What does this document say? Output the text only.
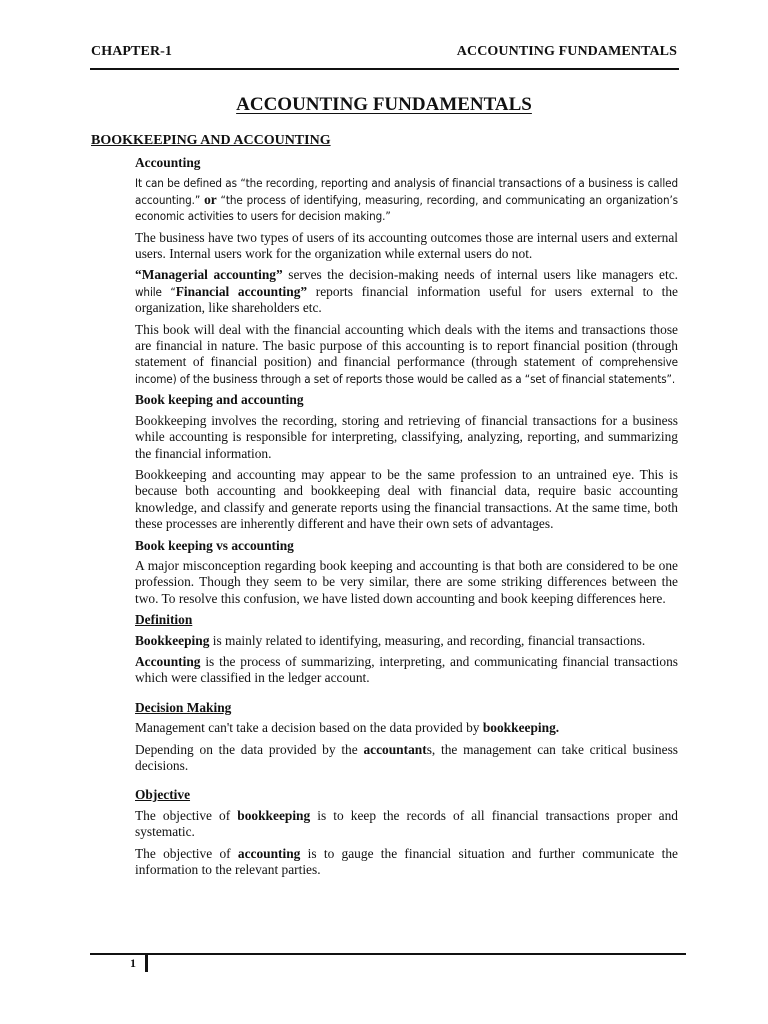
CHAPTER-1	ACCOUNTING FUNDAMENTALS
ACCOUNTING FUNDAMENTALS
BOOKKEEPING AND ACCOUNTING
Accounting

It can be defined as “the recording, reporting and analysis of financial transactions of a business is called accounting.” or “the process of identifying, measuring, recording, and communicating an organization’s economic activities to users for decision making.”

The business have two types of users of its accounting outcomes those are internal users and external users. Internal users work for the organization while external users do not.

“Managerial accounting” serves the decision-making needs of internal users like managers etc. while “Financial accounting” reports financial information useful for users external to the organization, like shareholders etc.

This book will deal with the financial accounting which deals with the items and transactions those are financial in nature. The basic purpose of this accounting is to report financial position (through statement of financial position) and financial performance (through statement of comprehensive income) of the business through a set of reports those would be called as a “set of financial statements”.

Book keeping and accounting

Bookkeeping involves the recording, storing and retrieving of financial transactions for a business while accounting is responsible for interpreting, classifying, analyzing, reporting, and summarizing the financial information.

Bookkeeping and accounting may appear to be the same profession to an untrained eye. This is because both accounting and bookkeeping deal with financial data, require basic accounting knowledge, and classify and generate reports using the financial transactions. At the same time, both these processes are inherently different and have their own sets of advantages.

Book keeping vs accounting

A major misconception regarding book keeping and accounting is that both are considered to be one profession. Though they seem to be very similar, there are some striking differences between the two. To resolve this confusion, we have listed down accounting and book keeping differences here.

Definition

Bookkeeping is mainly related to identifying, measuring, and recording, financial transactions.

Accounting is the process of summarizing, interpreting, and communicating financial transactions which were classified in the ledger account.

Decision Making

Management can't take a decision based on the data provided by bookkeeping.

Depending on the data provided by the accountants, the management can take critical business decisions.

Objective

The objective of bookkeeping is to keep the records of all financial transactions proper and systematic.

The objective of accounting is to gauge the financial situation and further communicate the information to the relevant parties.

1
